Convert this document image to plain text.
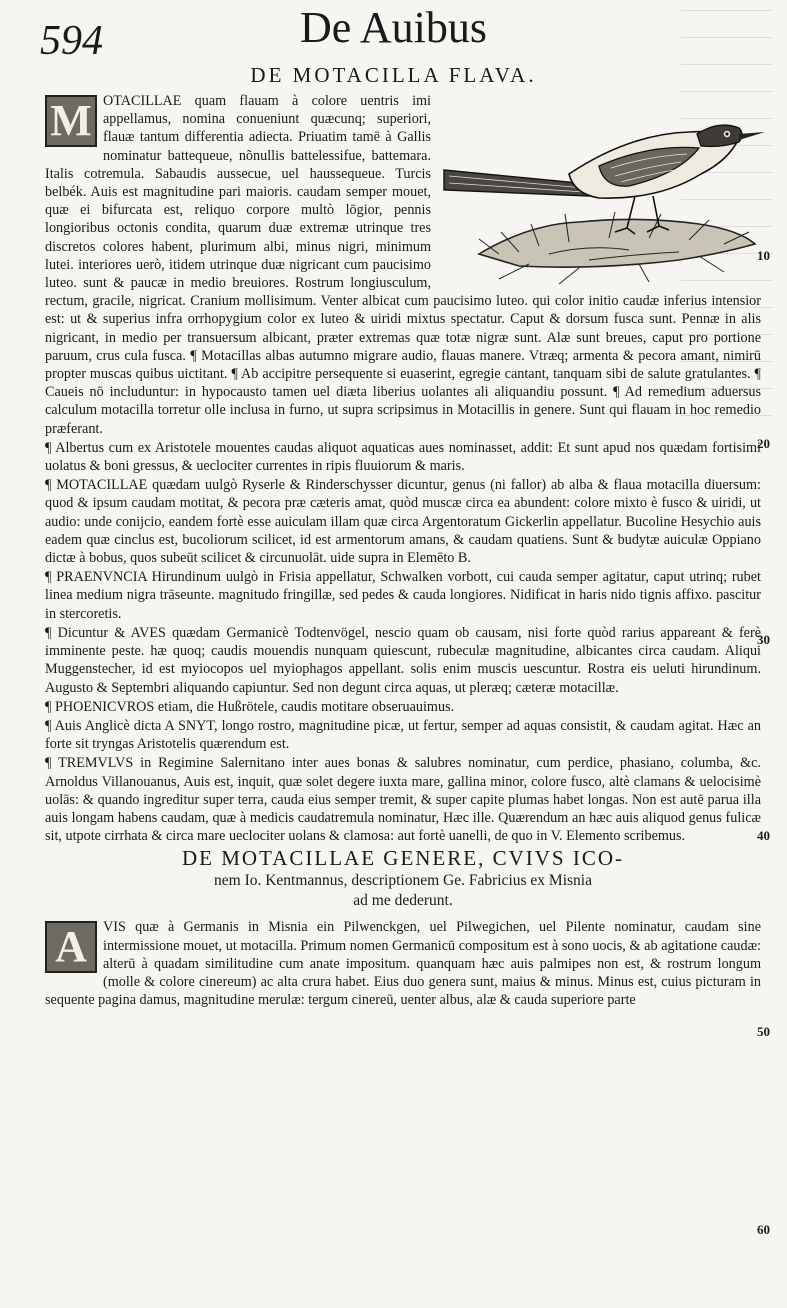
594	De Auibus
DE MOTACILLA FLAVA.

M OTACILLAE quam flauam à colore uentris imi appellamus, nomina conueniunt quæcunq; superiori, flauæ tantum differentia adiecta. Priuatim tamē à Gallis nominatur battequeue, nõnullis battelessifue, battemara. Italis cotremula. Sabaudis aussecue, uel haussequeue. Turcis belbék. Auis est magnitudine pari maioris. caudam semper mouet, quæ ei bifurcata est, reliquo corpore multò lōgior, pennis longioribus octonis condita, quarum duæ extremæ utrinque tres discretos colores habent, plurimum albi, minus nigri, minimum lutei. interiores uerò, itidem utrinque duæ nigricant cum paucisimo luteo. sunt & paucæ in medio breuiores. Rostrum longiusculum, rectum, gracile, nigricat. Cranium mollisimum. Venter albicat cum paucisimo luteo. qui color initio caudæ inferius intensior est: ut & superius infra orrhopygium color ex luteo & uiridi mixtus spectatur. Caput & dorsum fusca sunt. Pennæ in alis nigricant, in medio per transuersum albicant, præter extremas quæ totæ nigræ sunt. Alæ sunt breues, caput pro portione paruum, crus cula fusca. ¶ Motacillas albas autumno migrare audio, flauas manere. Vtræq; armenta & pecora amant, nimirū propter muscas quibus uictitant. ¶ Ab accipitre persequente si euaserint, egregie cantant, tanquam sibi de salute gratulantes. ¶ Caueis nō includuntur: in hypocausto tamen uel diæta liberius uolantes ali aliquandiu possunt. ¶ Ad remedium aduersus calculum motacilla torretur olle inclusa in furno, ut supra scripsimus in Motacillis in genere. Sunt qui flauam in hoc remedio præferant.

¶ Albertus cum ex Aristotele mouentes caudas aliquot aquaticas aues nominasset, addit: Et sunt apud nos quædam fortisimi uolatus & boni gressus, & ueclociter currentes in ripis fluuiorum & maris.

¶ MOTACILLAE quædam uulgò Ryserle & Rinderschysser dicuntur, genus (ni fallor) ab alba & flaua motacilla diuersum: quod & ipsum caudam motitat, & pecora præ cæteris amat, quòd muscæ circa ea abundent: colore mixto è fusco & uiridi, ut audio: unde conijcio, eandem fortè esse auiculam illam quæ circa Argentoratum Gickerlin appellatur. Bucoline Hesychio auis eadem quæ cinclus est, bucoliorum scilicet, id est armentorum amans, & caudam quatiens. Sunt & budytæ auiculæ Oppiano dictæ à bobus, quos subeūt scilicet & circunuolāt. uide supra in Elemēto B.

¶ PRAENVNCIA Hirundinum uulgò in Frisia appellatur, Schwalken vorbott, cui cauda semper agitatur, caput utrinq; rubet linea medium nigra trāseunte. magnitudo fringillæ, sed pedes & cauda longiores. Nidificat in haris nido tignis affixo. pascitur in stercoretis.

¶ Dicuntur & AVES quædam Germanicè Todtenvögel, nescio quam ob causam, nisi forte quòd rarius appareant & ferè imminente peste. hæ quoq; caudis mouendis nunquam quiescunt, rubeculæ magnitudine, albicantes circa caudam. Aliqui Muggenstecher, id est myiocopos uel myiophagos appellant. solis enim muscis uescuntur. Rostra eis ueluti hirundinum. Augusto & Septembri aliquando capiuntur. Sed non degunt circa aquas, ut pleræq; cæteræ motacillæ.

¶ PHOENICVROS etiam, die Hußrötele, caudis motitare obseruauimus.

¶ Auis Anglicè dicta A SNYT, longo rostro, magnitudine picæ, ut fertur, semper ad aquas consistit, & caudam agitat. Hæc an forte sit tryngas Aristotelis quærendum est.

¶ TREMVLVS in Regimine Salernitano inter aues bonas & salubres nominatur, cum perdice, phasiano, columba, &c. Arnoldus Villanouanus, Auis est, inquit, quæ solet degere iuxta mare, gallina minor, colore fusco, altè clamans & uelocisimè uolās: & quando ingreditur super terra, cauda eius semper tremit, & super capite plumas habet longas. Non est autē parua illa auis longam habens caudam, quæ à medicis caudatremula nominatur, Hæc ille. Quærendum an hæc auis aliquod genus fulicæ sit, utpote cirrhata & circa mare ueclociter uolans & clamosa: aut fortè uanelli, de quo in V. Elemento scribemus.

DE MOTACILLAE GENERE, CVIVS ICO-

nem Io. Kentmannus, descriptionem Ge. Fabricius ex Misnia

ad me dederunt.

A	VIS quæ à Germanis in Misnia ein Pilwenckgen, uel Pilwegichen, uel Pilente nominatur, caudam sine intermissione mouet, ut motacilla. Primum nomen Germanicū compositum est à sono uocis, & ab agitatione caudæ: alterū à quadam similitudine cum anate impositum. quanquam hæc auis palmipes non est, & rostrum longum (molle & colore cinereum) ac alta crura habet. Eius duo genera sunt, maius & minus. Minus est, cuius picturam in sequente pagina damus, magnitudine merulæ: tergum cinereū, uenter albus, alæ & cauda superiore parte

10
20
30
40
50
60
